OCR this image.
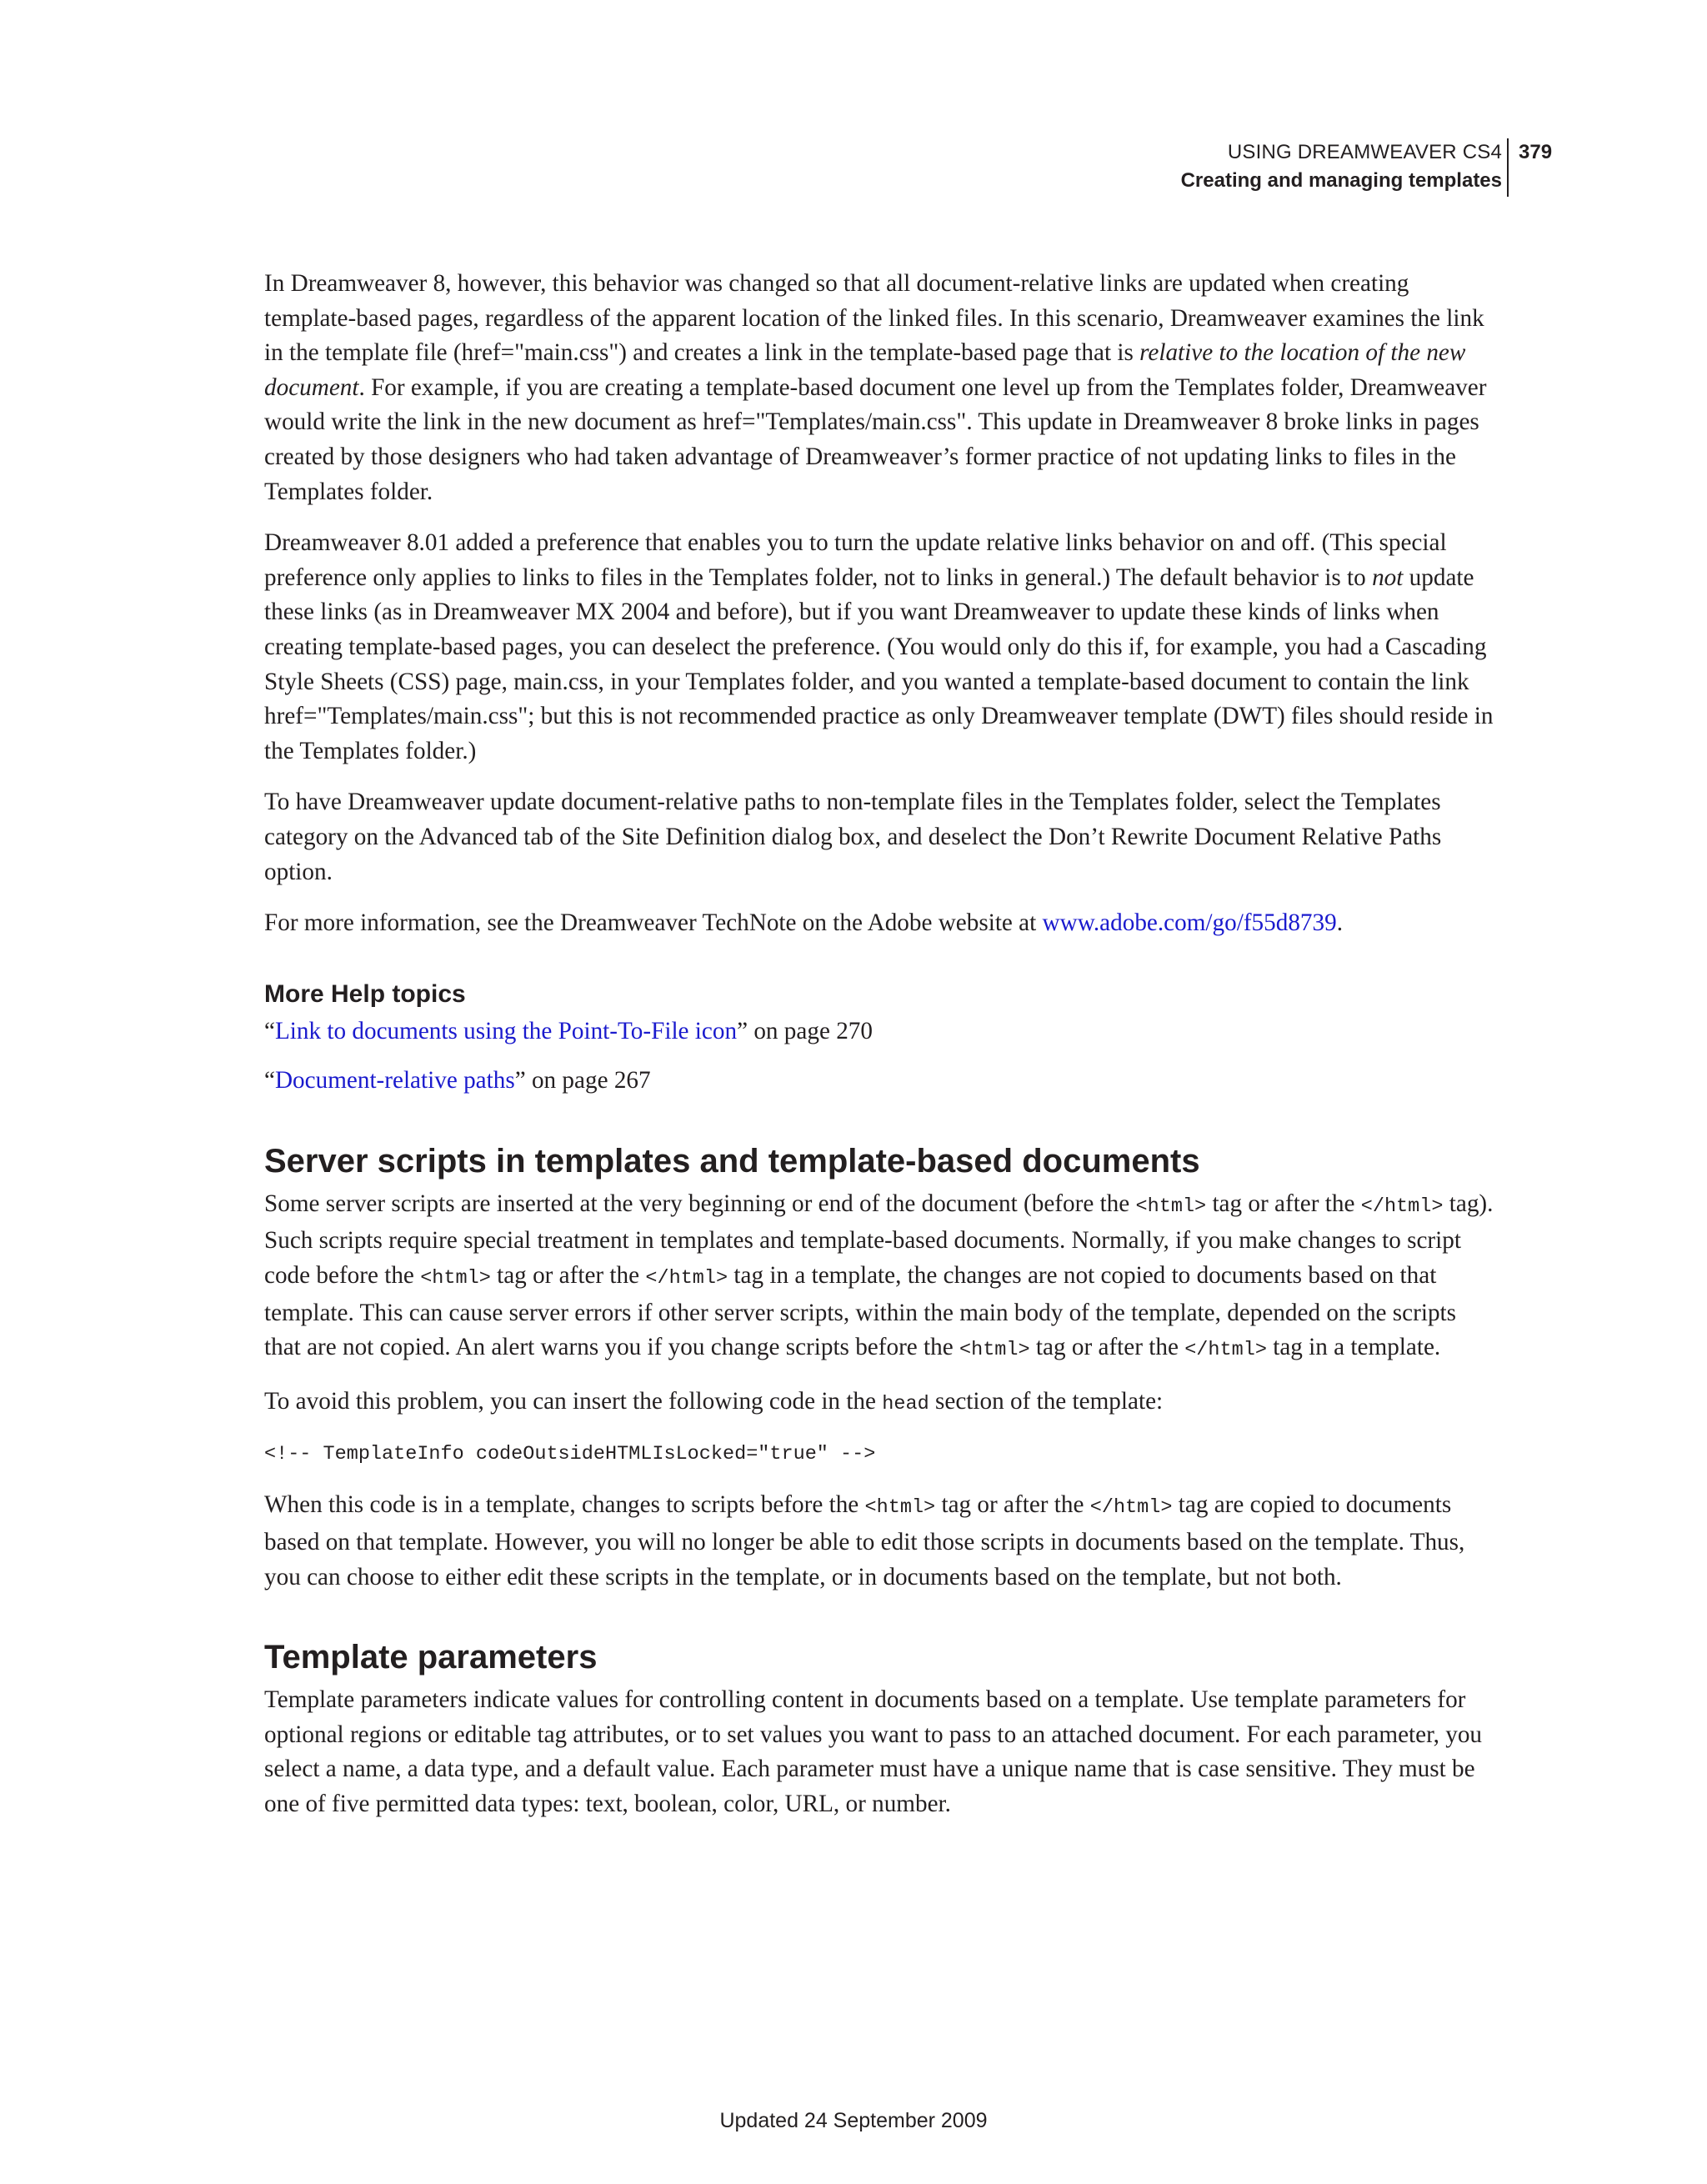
USING DREAMWEAVER CS4
Creating and managing templates
379

In Dreamweaver 8, however, this behavior was changed so that all document-relative links are updated when creating template-based pages, regardless of the apparent location of the linked files. In this scenario, Dreamweaver examines the link in the template file (href="main.css") and creates a link in the template-based page that is relative to the location of the new document. For example, if you are creating a template-based document one level up from the Templates folder, Dreamweaver would write the link in the new document as href="Templates/main.css". This update in Dreamweaver 8 broke links in pages created by those designers who had taken advantage of Dreamweaver’s former practice of not updating links to files in the Templates folder.

Dreamweaver 8.01 added a preference that enables you to turn the update relative links behavior on and off. (This special preference only applies to links to files in the Templates folder, not to links in general.) The default behavior is to not update these links (as in Dreamweaver MX 2004 and before), but if you want Dreamweaver to update these kinds of links when creating template-based pages, you can deselect the preference. (You would only do this if, for example, you had a Cascading Style Sheets (CSS) page, main.css, in your Templates folder, and you wanted a template-based document to contain the link href="Templates/main.css"; but this is not recommended practice as only Dreamweaver template (DWT) files should reside in the Templates folder.)

To have Dreamweaver update document-relative paths to non-template files in the Templates folder, select the Templates category on the Advanced tab of the Site Definition dialog box, and deselect the Don’t Rewrite Document Relative Paths option.

For more information, see the Dreamweaver TechNote on the Adobe website at www.adobe.com/go/f55d8739.

More Help topics

“Link to documents using the Point-To-File icon” on page 270

“Document-relative paths” on page 267

Server scripts in templates and template-based documents

Some server scripts are inserted at the very beginning or end of the document (before the <html> tag or after the </html> tag). Such scripts require special treatment in templates and template-based documents. Normally, if you make changes to script code before the <html> tag or after the </html> tag in a template, the changes are not copied to documents based on that template. This can cause server errors if other server scripts, within the main body of the template, depended on the scripts that are not copied. An alert warns you if you change scripts before the <html> tag or after the </html> tag in a template.

To avoid this problem, you can insert the following code in the head section of the template:

<!-- TemplateInfo codeOutsideHTMLIsLocked="true" -->

When this code is in a template, changes to scripts before the <html> tag or after the </html> tag are copied to documents based on that template. However, you will no longer be able to edit those scripts in documents based on the template. Thus, you can choose to either edit these scripts in the template, or in documents based on the template, but not both.

Template parameters

Template parameters indicate values for controlling content in documents based on a template. Use template parameters for optional regions or editable tag attributes, or to set values you want to pass to an attached document. For each parameter, you select a name, a data type, and a default value. Each parameter must have a unique name that is case sensitive. They must be one of five permitted data types: text, boolean, color, URL, or number.

Updated 24 September 2009
